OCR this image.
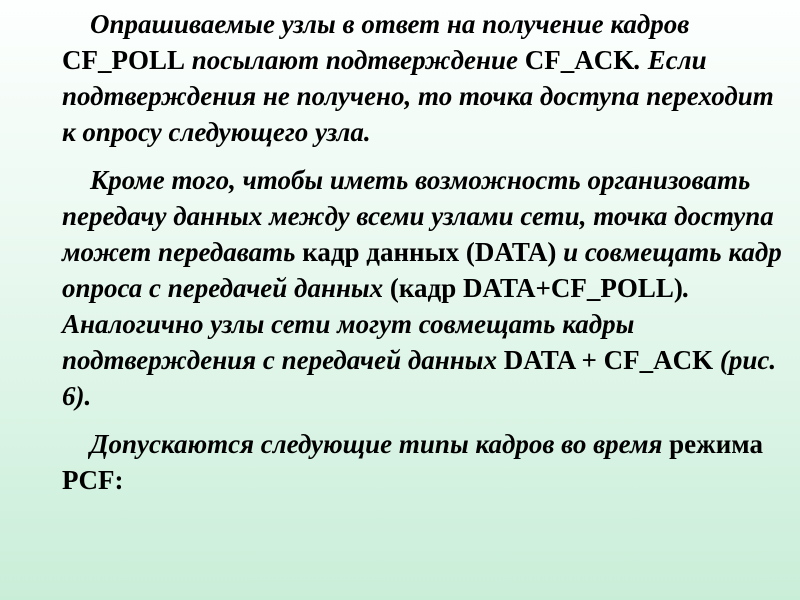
Опрашиваемые узлы в ответ на получение кадров CF_POLL посылают подтверждение CF_ACK. Если подтверждения не получено, то точка доступа переходит к опросу следующего узла.

Кроме того, чтобы иметь возможность организовать передачу данных между всеми узлами сети, точка доступа может передавать кадр данных (DATA) и совмещать кадр опроса с передачей данных (кадр DATA+CF_POLL). Аналогично узлы сети могут совмещать кадры подтверждения с передачей данных DATA + CF_ACK (рис. 6).

Допускаются следующие типы кадров во время режима PCF:
